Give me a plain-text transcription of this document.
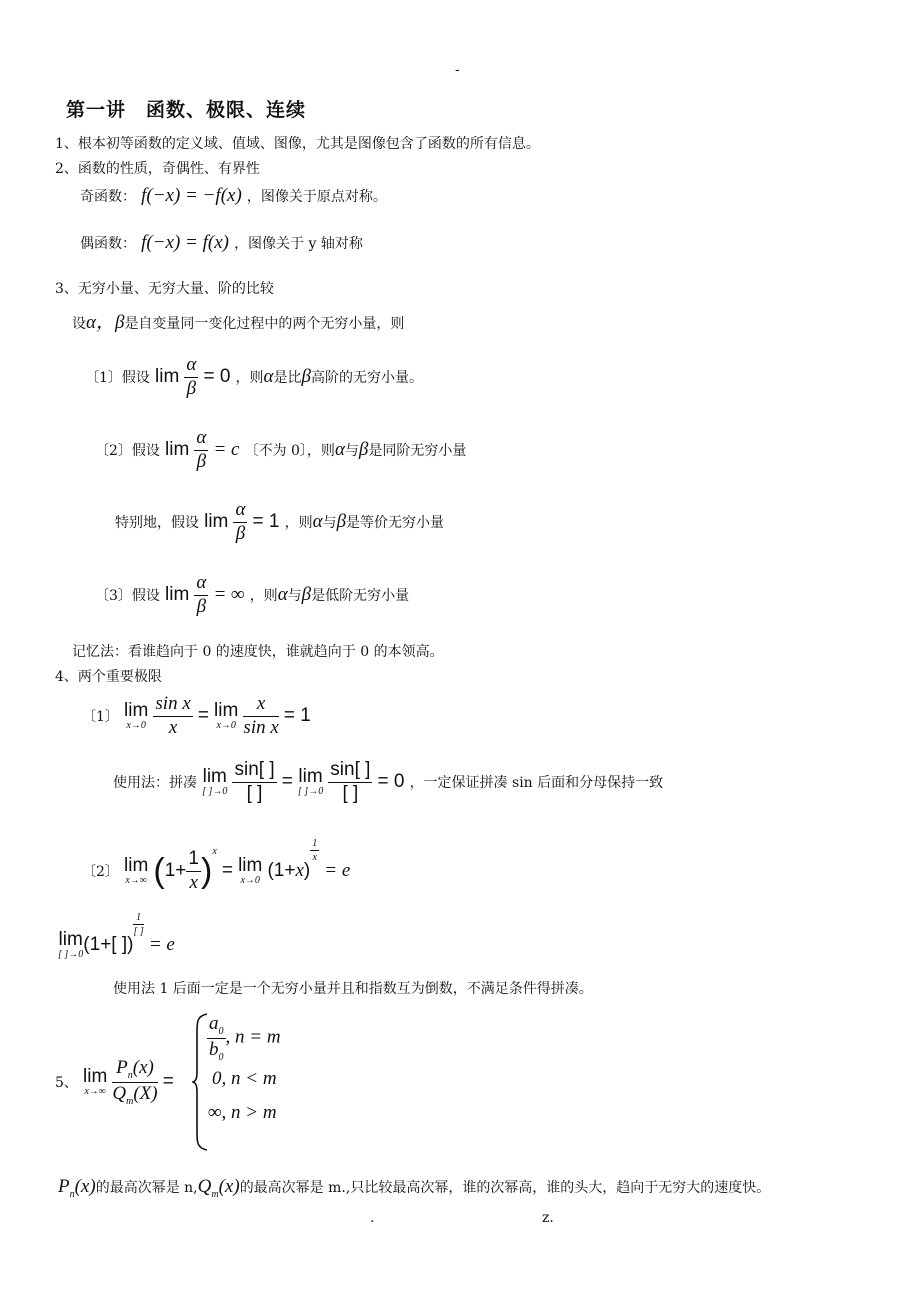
-
第一讲　函数、极限、连续
1、根本初等函数的定义域、值域、图像，尤其是图像包含了函数的所有信息。
2、函数的性质，奇偶性、有界性
奇函数： f(−x) = −f(x) ，图像关于原点对称。
偶函数： f(−x) = f(x) ，图像关于 y 轴对称
3、无穷小量、无穷大量、阶的比较
设α，β是自变量同一变化过程中的两个无穷小量，则
〔1〕假设 $\lim \frac{\alpha}{\beta} = 0$ ，则α是比β高阶的无穷小量。
〔2〕假设 $\lim \frac{\alpha}{\beta} = c$ 〔不为 0〕，则α与β是同阶无穷小量
特别地，假设 $\lim \frac{\alpha}{\beta} = 1$ ，则α与β是等价无穷小量
〔3〕假设 $\lim \frac{\alpha}{\beta}$ = ∞ ，则α与β是低阶无穷小量
记忆法：看谁趋向于 0 的速度快，谁就趋向于 0 的本领高。
4、两个重要极限
〔1〕 lim
x→0
$\frac{\text{sin x}}{x} = \lim$
x→0
$\frac{x}{\text{sin x}} = 1$
使用法：拼凑 lim
[ ]→0
$\frac{\sin[ ]}{[ ]} = \lim$
[ ]→0
$\frac{\sin[ ]}{[ ]} = 0$ ，一定保证拼凑 sin 后面和分母保持一致
〔2〕 lim
x→∞ $(1+ \frac{1}{x} )^x = \lim$
x→0 (1+x)
$^{\frac{1}{x}}$
= e
lim
[ ]→0 (1+[ ])
$^{\frac{1}{[ ]}}$
= e
使用法 1 后面一定是一个无穷小量并且和指数互为倒数，不满足条件得拼凑。
5、 lim
x→∞
$\frac{P_n(x)}{Q_m(X)}$ =
$\frac{a_0}{b_0}$ , n = m
0, n < m
∞, n > m
$P_n(x)$的最高次幂是 $n,Q_m(x)$的最高次幂是 m.,只比较最高次幂，谁的次幂高，谁的头大，趋向于无穷大的速度快。
.	z.
